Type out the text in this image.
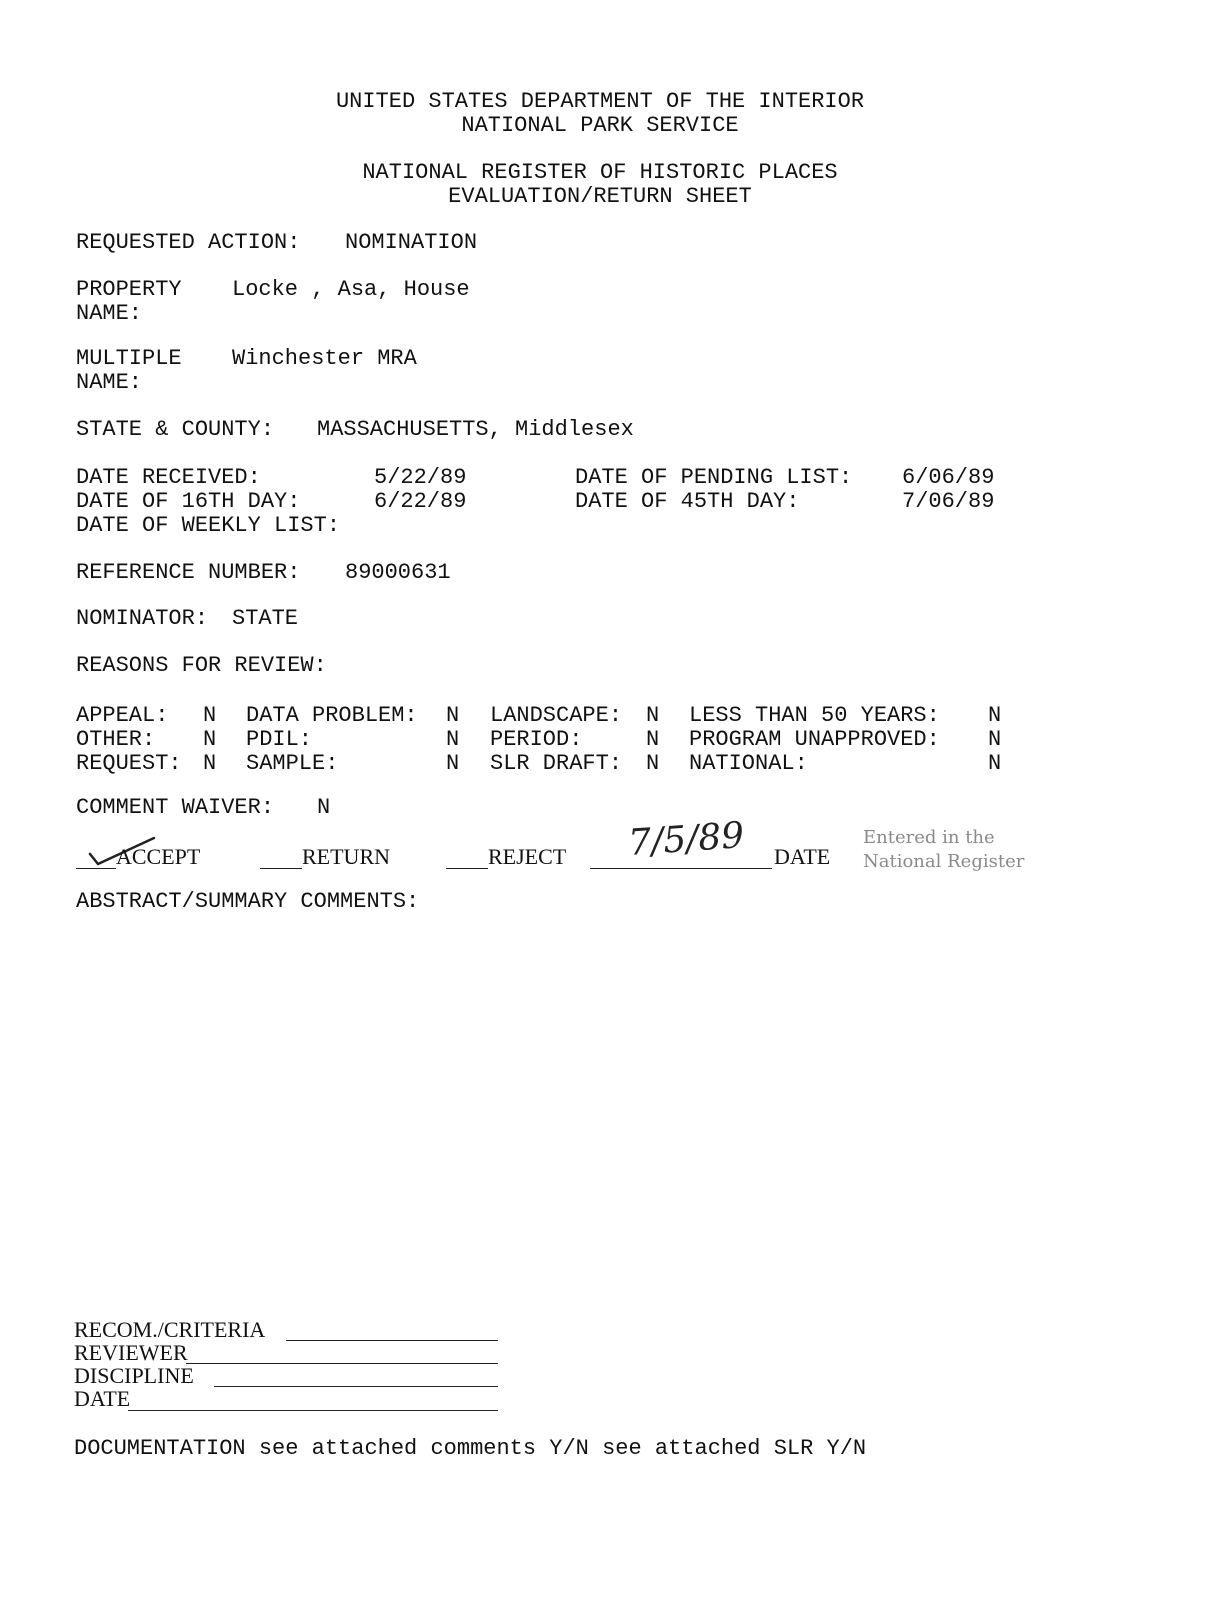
UNITED STATES DEPARTMENT OF THE INTERIOR
NATIONAL PARK SERVICE
NATIONAL REGISTER OF HISTORIC PLACES
EVALUATION/RETURN SHEET
REQUESTED ACTION: NOMINATION
PROPERTY
NAME:
Locke , Asa, House
MULTIPLE
NAME:
Winchester MRA
STATE & COUNTY: MASSACHUSETTS, Middlesex
DATE RECEIVED:	5/22/89	DATE OF PENDING LIST: 6/06/89
DATE OF 16TH DAY:	6/22/89	DATE OF 45TH DAY:	7/06/89
DATE OF WEEKLY LIST:
REFERENCE NUMBER: 89000631
NOMINATOR: STATE
REASONS FOR REVIEW:
APPEAL: N DATA PROBLEM: N LANDSCAPE: N LESS THAN 50 YEARS: N
OTHER: N PDIL:	N PERIOD:	N PROGRAM UNAPPROVED: N
REQUEST: N SAMPLE:	N SLR DRAFT: N NATIONAL:	N
COMMENT WAIVER: N
ACCEPT	RETURN	REJECT 7/5/89 DATE
Entered in the
National Register
ABSTRACT/SUMMARY COMMENTS:
RECOM./CRITERIA
REVIEWER
DISCIPLINE
DATE
DOCUMENTATION see attached comments Y/N see attached SLR Y/N
